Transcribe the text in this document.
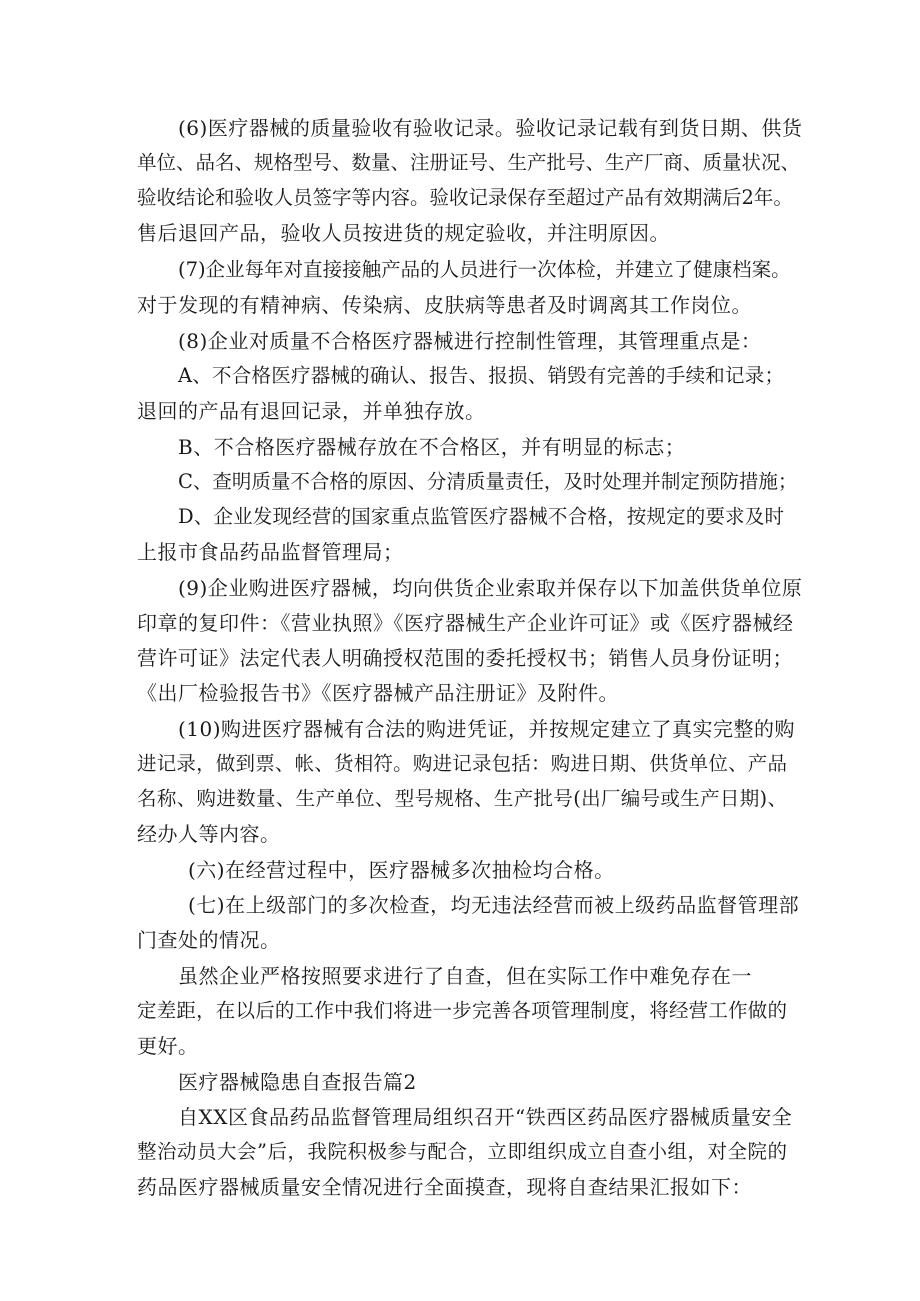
(6)医疗器械的质量验收有验收记录。验收记录记载有到货日期、供货
单位、品名、规格型号、数量、注册证号、生产批号、生产厂商、质量状况、
验收结论和验收人员签字等内容。验收记录保存至超过产品有效期满后2年。
售后退回产品，验收人员按进货的规定验收，并注明原因。
(7)企业每年对直接接触产品的人员进行一次体检，并建立了健康档案。
对于发现的有精神病、传染病、皮肤病等患者及时调离其工作岗位。
(8)企业对质量不合格医疗器械进行控制性管理，其管理重点是：
A、不合格医疗器械的确认、报告、报损、销毁有完善的手续和记录；
退回的产品有退回记录，并单独存放。
B、不合格医疗器械存放在不合格区，并有明显的标志；
C、查明质量不合格的原因、分清质量责任，及时处理并制定预防措施；
D、企业发现经营的国家重点监管医疗器械不合格，按规定的要求及时
上报市食品药品监督管理局；
(9)企业购进医疗器械，均向供货企业索取并保存以下加盖供货单位原
印章的复印件：《营业执照》《医疗器械生产企业许可证》或《医疗器械经
营许可证》法定代表人明确授权范围的委托授权书；销售人员身份证明；
《出厂检验报告书》《医疗器械产品注册证》及附件。
(10)购进医疗器械有合法的购进凭证，并按规定建立了真实完整的购
进记录，做到票、帐、货相符。购进记录包括：购进日期、供货单位、产品
名称、购进数量、生产单位、型号规格、生产批号(出厂编号或生产日期)、
经办人等内容。
(六)在经营过程中，医疗器械多次抽检均合格。
(七)在上级部门的多次检查，均无违法经营而被上级药品监督管理部
门查处的情况。
虽然企业严格按照要求进行了自查，但在实际工作中难免存在一
定差距，在以后的工作中我们将进一步完善各项管理制度，将经营工作做的
更好。
医疗器械隐患自查报告篇2
自XX区食品药品监督管理局组织召开“铁西区药品医疗器械质量安全
整治动员大会”后，我院积极参与配合，立即组织成立自查小组，对全院的
药品医疗器械质量安全情况进行全面摸查，现将自查结果汇报如下：
